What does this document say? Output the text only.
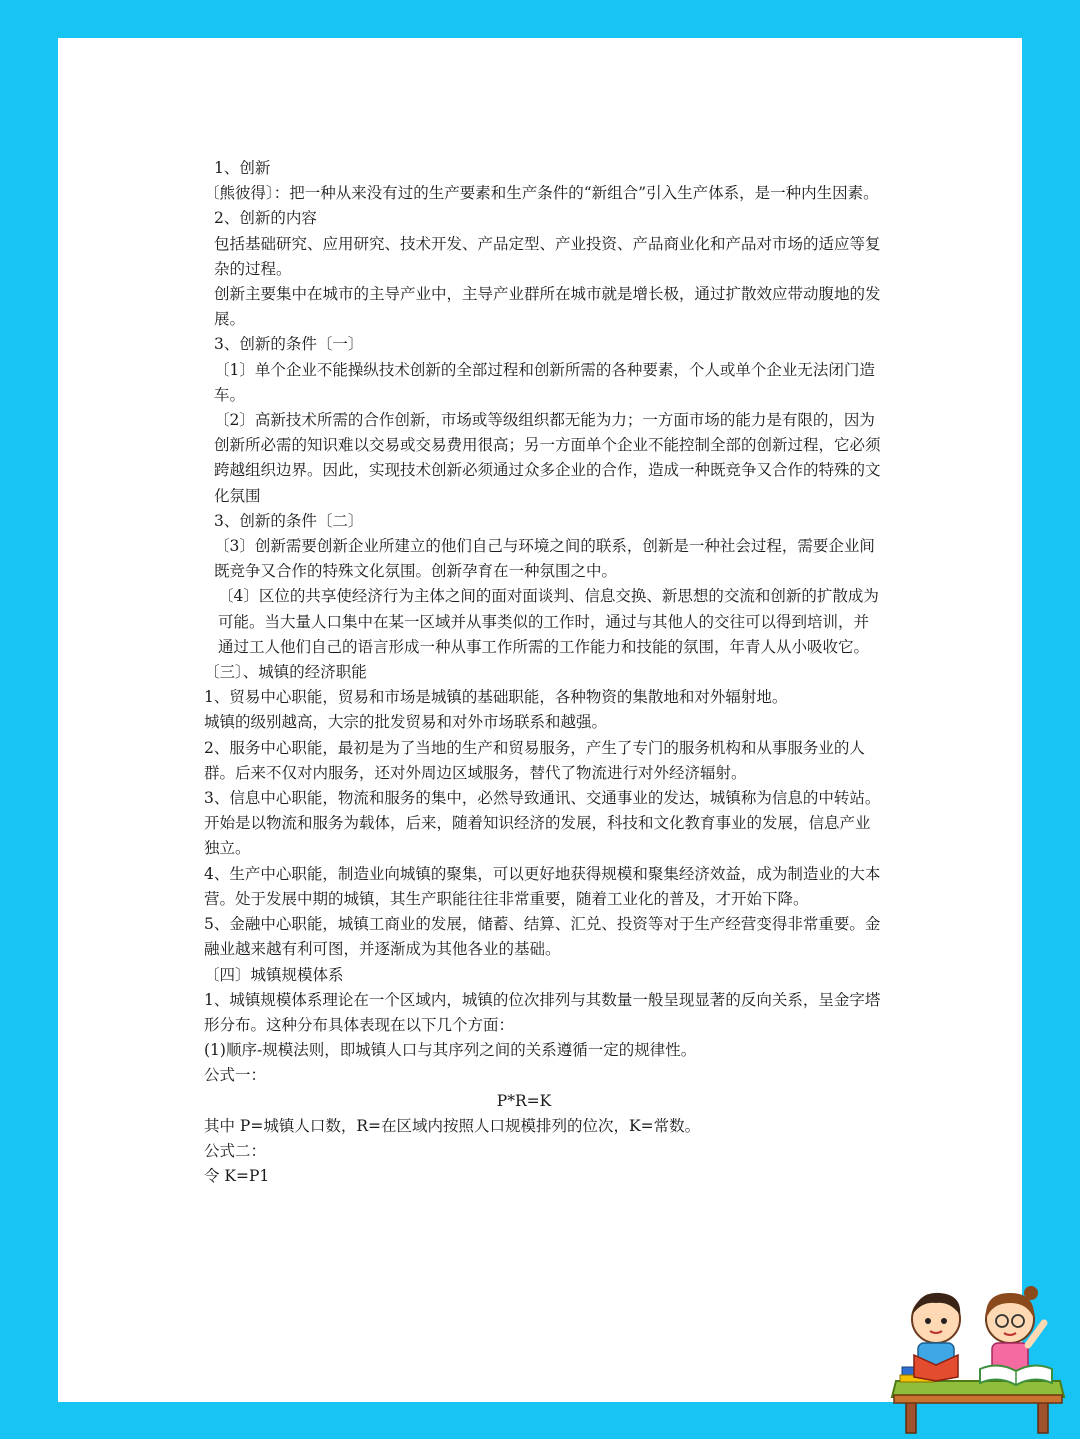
1、创新

〔熊彼得〕：把一种从来没有过的生产要素和生产条件的“新组合”引入生产体系，是一种内生因素。

2、创新的内容

包括基础研究、应用研究、技术开发、产品定型、产业投资、产品商业化和产品对市场的适应等复杂的过程。

创新主要集中在城市的主导产业中，主导产业群所在城市就是增长极，通过扩散效应带动腹地的发展。

3、创新的条件〔一〕

〔1〕单个企业不能操纵技术创新的全部过程和创新所需的各种要素，个人或单个企业无法闭门造车。

〔2〕高新技术所需的合作创新，市场或等级组织都无能为力；一方面市场的能力是有限的，因为创新所必需的知识难以交易或交易费用很高；另一方面单个企业不能控制全部的创新过程，它必须跨越组织边界。因此，实现技术创新必须通过众多企业的合作，造成一种既竞争又合作的特殊的文化氛围

3、创新的条件〔二〕

〔3〕创新需要创新企业所建立的他们自己与环境之间的联系，创新是一种社会过程，需要企业间既竞争又合作的特殊文化氛围。创新孕育在一种氛围之中。

〔4〕区位的共享使经济行为主体之间的面对面谈判、信息交换、新思想的交流和创新的扩散成为可能。当大量人口集中在某一区域并从事类似的工作时，通过与其他人的交往可以得到培训，并通过工人他们自己的语言形成一种从事工作所需的工作能力和技能的氛围，年青人从小吸收它。

〔三〕、城镇的经济职能

1、贸易中心职能，贸易和市场是城镇的基础职能，各种物资的集散地和对外辐射地。

城镇的级别越高，大宗的批发贸易和对外市场联系和越强。

2、服务中心职能，最初是为了当地的生产和贸易服务，产生了专门的服务机构和从事服务业的人群。后来不仅对内服务，还对外周边区域服务，替代了物流进行对外经济辐射。

3、信息中心职能，物流和服务的集中，必然导致通讯、交通事业的发达，城镇称为信息的中转站。开始是以物流和服务为载体，后来，随着知识经济的发展，科技和文化教育事业的发展，信息产业独立。

4、生产中心职能，制造业向城镇的聚集，可以更好地获得规模和聚集经济效益，成为制造业的大本营。处于发展中期的城镇，其生产职能往往非常重要，随着工业化的普及，才开始下降。

5、金融中心职能，城镇工商业的发展，储蓄、结算、汇兑、投资等对于生产经营变得非常重要。金融业越来越有利可图，并逐渐成为其他各业的基础。

〔四〕城镇规模体系

1、城镇规模体系理论在一个区域内，城镇的位次排列与其数量一般呈现显著的反向关系，呈金字塔形分布。这种分布具体表现在以下几个方面：

(1)顺序-规模法则，即城镇人口与其序列之间的关系遵循一定的规律性。

公式一：

P*R=K

其中 P=城镇人口数，R=在区域内按照人口规模排列的位次，K=常数。

公式二：

令 K=P1
